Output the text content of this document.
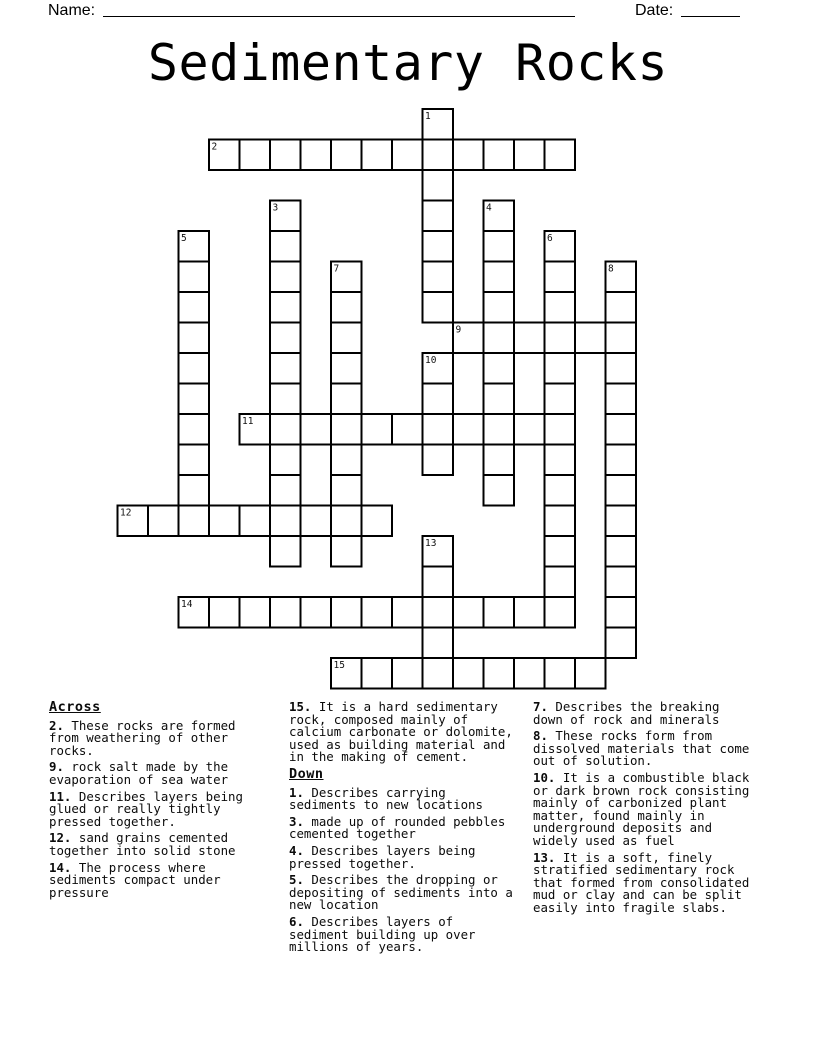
Name:	Date:
Sedimentary Rocks
1
2
3	4
5	6
7	8
9
10
11
12
13
14
15
Across

2. These rocks are formed from weathering of other rocks.

9. rock salt made by the evaporation of sea water

11. Describes layers being glued or really tightly pressed together.

12. sand grains cemented together into solid stone

14. The process where sediments compact under pressure

15. It is a hard sedimentary rock, composed mainly of calcium carbonate or dolomite, used as building material and in the making of cement.

Down

1. Describes carrying sediments to new locations

3. made up of rounded pebbles cemented together

4. Describes layers being pressed together.

5. Describes the dropping or depositing of sediments into a new location

6. Describes layers of sediment building up over millions of years.

7. Describes the breaking down of rock and minerals

8. These rocks form from dissolved materials that come out of solution.

10. It is a combustible black or dark brown rock consisting mainly of carbonized plant matter, found mainly in underground deposits and widely used as fuel

13. It is a soft, finely stratified sedimentary rock that formed from consolidated mud or clay and can be split easily into fragile slabs.
